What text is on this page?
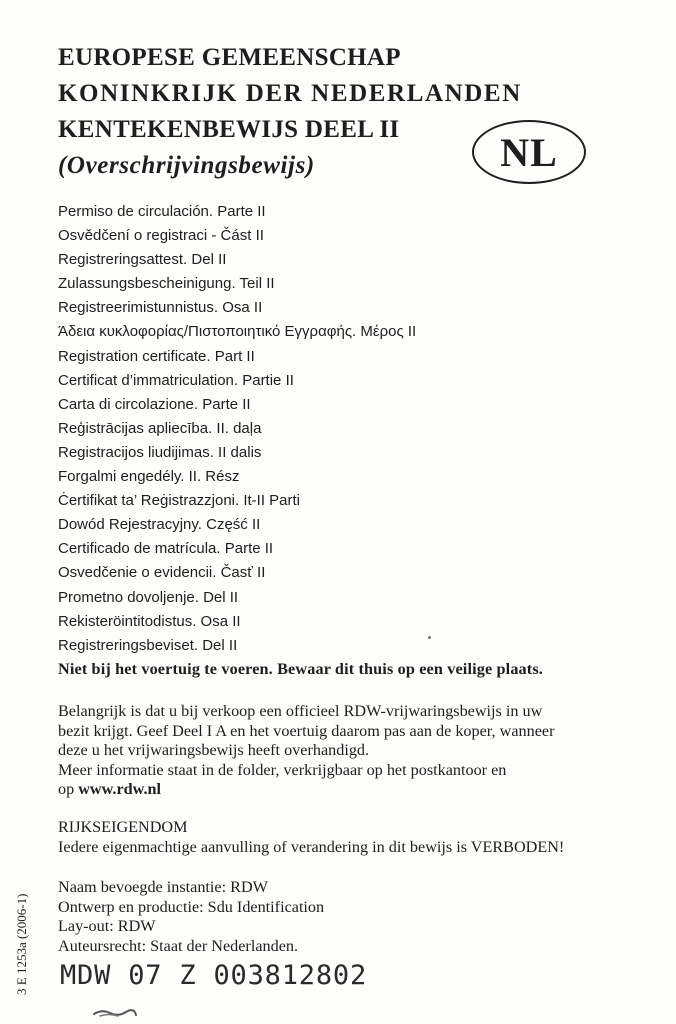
EUROPESE GEMEENSCHAP
KONINKRIJK DER NEDERLANDEN
KENTEKENBEWIJS DEEL II
(Overschrijvingsbewijs)	NL
Permiso de circulación. Parte II
Osvědčení o registraci - Část II
Registreringsattest. Del II
Zulassungsbescheinigung. Teil II
Registreerimistunnistus. Osa II
Άδεια κυκλοφορίας/Πιστοποιητικό Εγγραφής. Μέρος II
Registration certificate. Part II
Certificat d’immatriculation. Partie II
Carta di circolazione. Parte II
Reģistrācijas apliecība. II. daļa
Registracijos liudijimas. II dalis
Forgalmi engedély. II. Rész
Ċertifikat ta’ Reġistrazzjoni. It-II Parti
Dowód Rejestracyjny. Część II
Certificado de matrícula. Parte II
Osvedčenie o evidencii. Časť II
Prometno dovoljenje. Del II
Rekisteröintitodistus. Osa II
Registreringsbeviset. Del II
Niet bij het voertuig te voeren. Bewaar dit thuis op een veilige plaats.
Belangrijk is dat u bij verkoop een officieel RDW-vrijwaringsbewijs in uw
bezit krijgt. Geef Deel I A en het voertuig daarom pas aan de koper, wanneer
deze u het vrijwaringsbewijs heeft overhandigd.
Meer informatie staat in de folder, verkrijgbaar op het postkantoor en
op www.rdw.nl
RIJKSEIGENDOM
Iedere eigenmachtige aanvulling of verandering in dit bewijs is VERBODEN!
Naam bevoegde instantie: RDW
Ontwerp en productie: Sdu Identification
Lay-out: RDW
Auteursrecht: Staat der Nederlanden.
3 E 1253a (2006-1) MDW 07 Z 003812802
